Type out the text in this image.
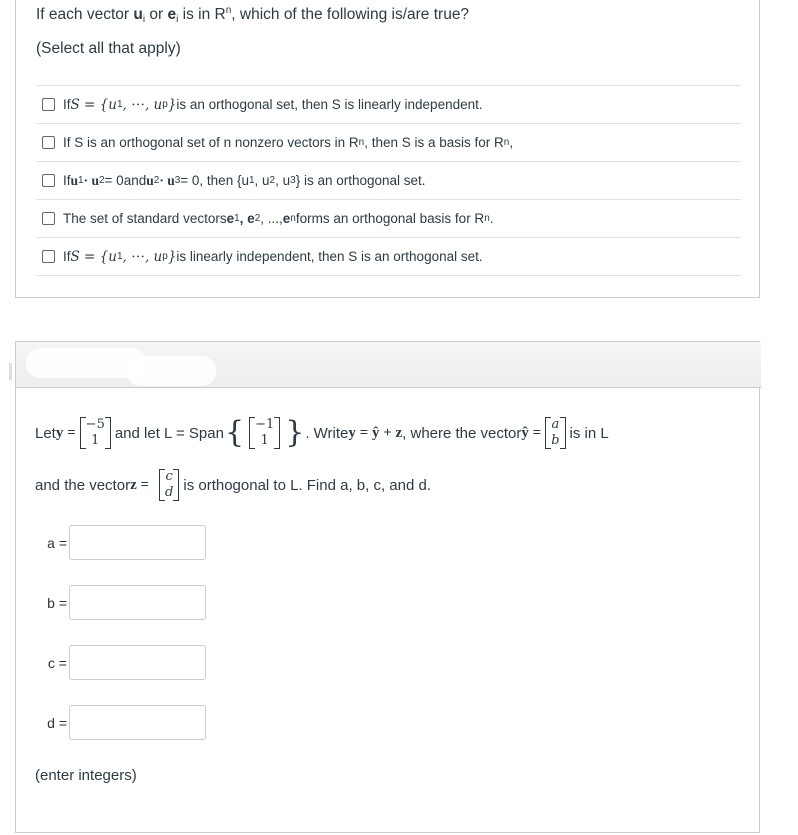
If each vector $u_i$ or $e_i$ is in $R^n$, which of the following is/are true?
(Select all that apply)
If S = {u 1 , ⋅⋅⋅, u p } is an orthogonal set, then S is linearly independent.
If S is an orthogonal set of n nonzero vectors in R n , then S is a basis for R n ,
If u 1 · u 2 = 0 and u 2 · u 3 = 0 , then {u 1 , u 2 , u 3 } is an orthogonal set.
The set of standard vectors e 1 , e 2 , ..., e n forms an orthogonal basis for R n .
If S = {u 1 , ⋅⋅⋅, u p } is linearly independent, then S is an orthogonal set.
Let y = −5
1 and let L = Span { −1
1 } . Write y = ŷ + z , where the vector ŷ = a
b is in L
and the vector z = c
d is orthogonal to L. Find a, b, c, and d.
a =
b =
c =
d =
(enter integers)
